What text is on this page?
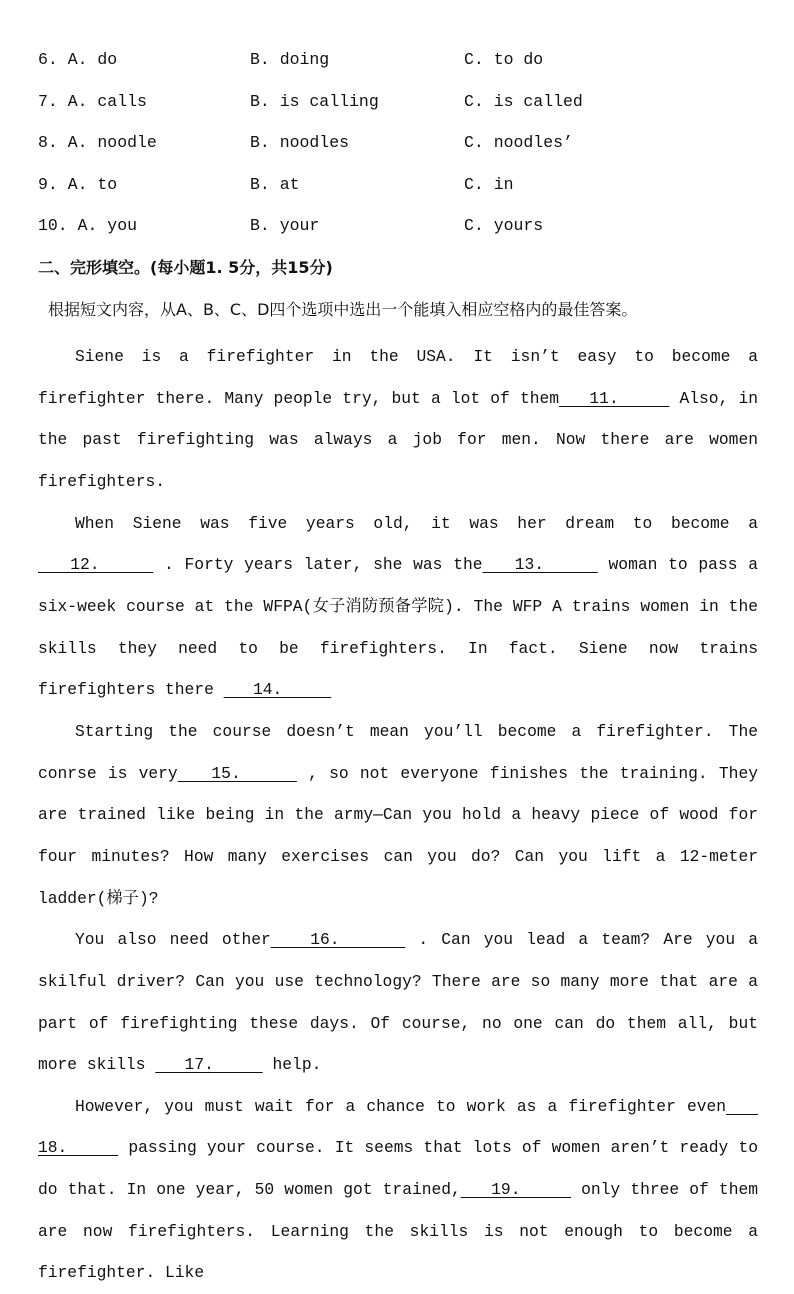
6. A. do	B. doing	C. to do
7. A. calls	B. is calling	C. is called
8. A. noodle	B. noodles	C. noodles’
9. A. to	B. at	C. in
10. A. you	B. your	C. yours
二、完形填空。(每小题1. 5分，共15分)
根据短文内容，从A、B、C、D四个选项中选出一个能填入相应空格内的最佳答案。

Siene is a firefighter in the USA. It isn’t easy to become a firefighter there. Many people try, but a lot of them   11.      Also, in the past firefighting was always a job for men. Now there are women firefighters.

When Siene was five years old, it was her dream to become a    12.      . Forty years later, she was the   13.      woman to pass a six-week course at the WFPA(女子消防预备学院). The WFP A trains women in the skills they need to be firefighters. In fact. Siene now trains firefighters there    14.

Starting the course doesn’t mean you’ll become a firefighter. The conrse is very   15.      , so not everyone finishes the training. They are trained like being in the army—Can you hold a heavy piece of wood for four minutes? How many exercises can you do? Can you lift a 12-meter ladder(梯子)?

You also need other   16.      . Can you lead a team? Are you a skilful driver? Can you use technology? There are so many more that are a part of firefighting these days. Of course, no one can do them all, but more skills    17.      help.

However, you must wait for a chance to work as a firefighter even    18.      passing your course. It seems that lots of women aren’t ready to do that. In one year, 50 women got trained,   19.      only three of them are now firefighters. Learning the skills is not enough to become a firefighter. Like
